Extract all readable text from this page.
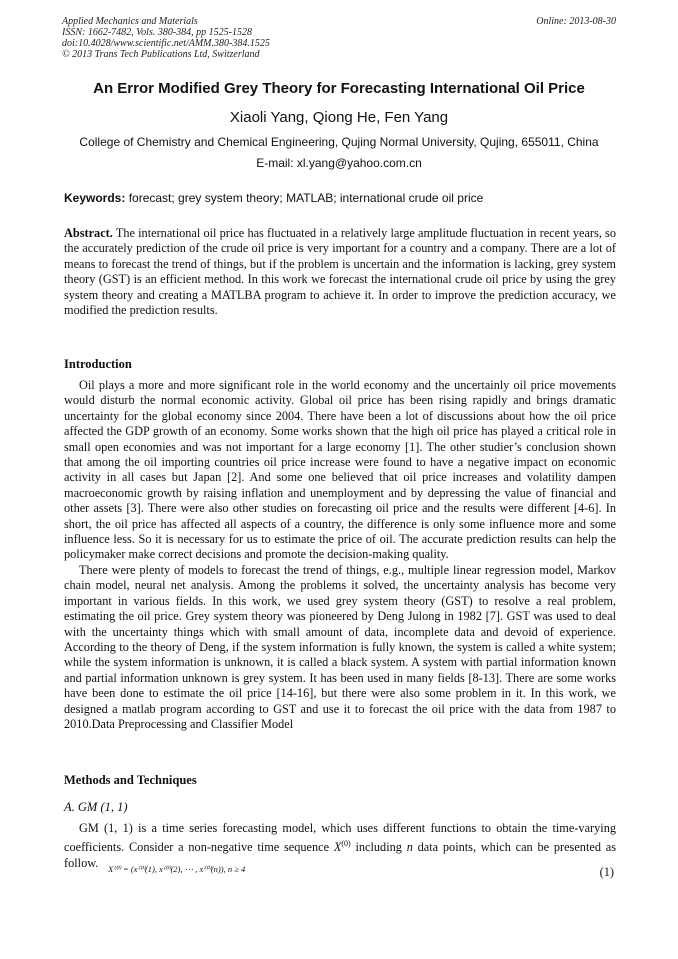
Applied Mechanics and Materials
ISSN: 1662-7482, Vols. 380-384, pp 1525-1528
doi:10.4028/www.scientific.net/AMM.380-384.1525
© 2013 Trans Tech Publications Ltd, Switzerland
Online: 2013-08-30
An Error Modified Grey Theory for Forecasting International Oil Price
Xiaoli Yang, Qiong He, Fen Yang
College of Chemistry and Chemical Engineering, Qujing Normal University, Qujing, 655011, China
E-mail: xl.yang@yahoo.com.cn
Keywords: forecast; grey system theory; MATLAB; international crude oil price
Abstract. The international oil price has fluctuated in a relatively large amplitude fluctuation in recent years, so the accurately prediction of the crude oil price is very important for a country and a company. There are a lot of means to forecast the trend of things, but if the problem is uncertain and the information is lacking, grey system theory (GST) is an efficient method. In this work we forecast the international crude oil price by using the grey system theory and creating a MATLBA program to achieve it. In order to improve the prediction accuracy, we modified the prediction results.
Introduction

Oil plays a more and more significant role in the world economy and the uncertainly oil price movements would disturb the normal economic activity. Global oil price has been rising rapidly and brings dramatic uncertainty for the global economy since 2004. There have been a lot of discussions about how the oil price affected the GDP growth of an economy. Some works shown that the high oil price has played a critical role in small open economies and was not important for a large economy [1]. The other studier’s conclusion shown that among the oil importing countries oil price increase were found to have a negative impact on economic activity in all cases but Japan [2]. And some one believed that oil price increases and volatility dampen macroeconomic growth by raising inflation and unemployment and by depressing the value of financial and other assets [3]. There were also other studies on forecasting oil price and the results were different [4-6]. In short, the oil price has affected all aspects of a country, the difference is only some influence more and some influence less. So it is necessary for us to estimate the price of oil. The accurate prediction results can help the policymaker make correct decisions and promote the decision-making quality.

There were plenty of models to forecast the trend of things, e.g., multiple linear regression model, Markov chain model, neural net analysis. Among the problems it solved, the uncertainty analysis has become very important in various fields. In this work, we used grey system theory (GST) to resolve a real problem, estimating the oil price. Grey system theory was pioneered by Deng Julong in 1982 [7]. GST was used to deal with the uncertainty things which with small amount of data, incomplete data and devoid of experience. According to the theory of Deng, if the system information is fully known, the system is called a white system; while the system information is unknown, it is called a black system. A system with partial information known and partial information unknown is grey system. It has been used in many fields [8-13]. There are some works have been done to estimate the oil price [14-16], but there were also some problem in it. In this work, we designed a matlab program according to GST and use it to forecast the oil price with the data from 1987 to 2010.Data Preprocessing and Classifier Model

Methods and Techniques
A. GM (1, 1)

GM (1, 1) is a time series forecasting model, which uses different functions to obtain the time-varying coefficients. Consider a non-negative time sequence $X^{(0)}$ including n data points, which can be presented as follow.	X⁽⁰⁾ = (x⁽⁰⁾(1), x⁽⁰⁾(2), ⋯ , x⁽⁰⁾(n)), n ≥ 4	(1)
